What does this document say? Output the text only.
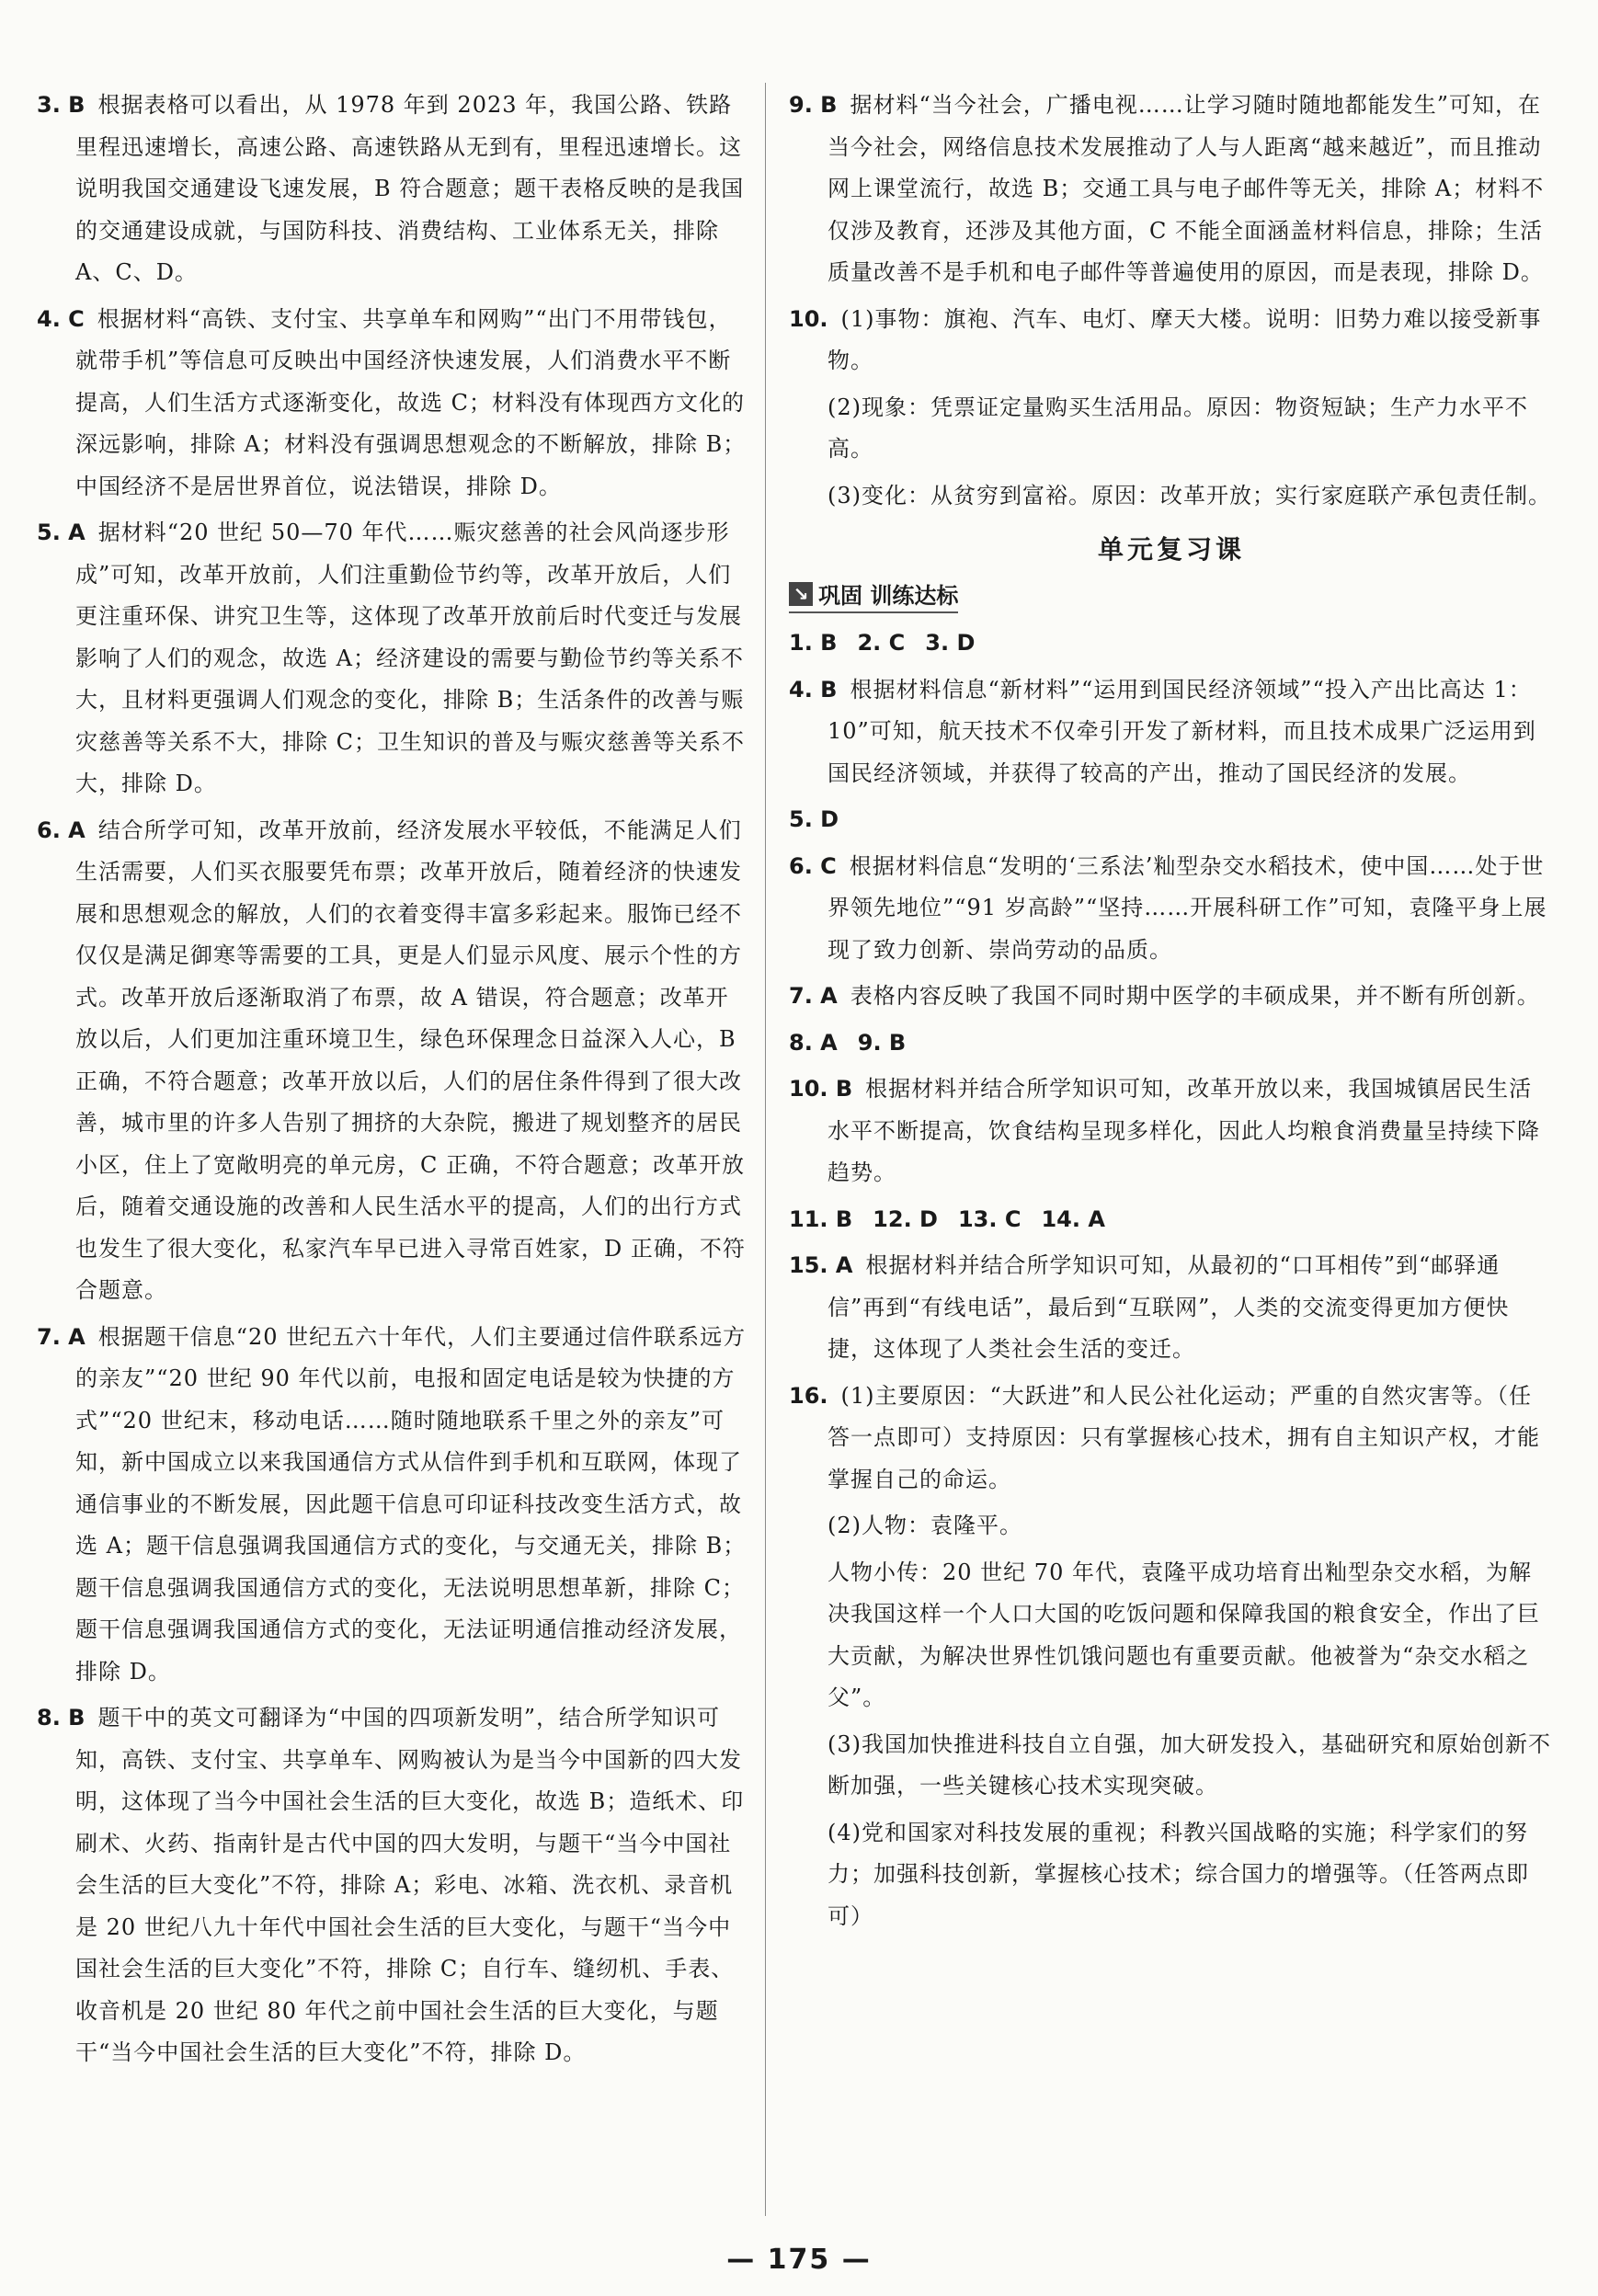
3. B 根据表格可以看出，从 1978 年到 2023 年，我国公路、铁路里程迅速增长，高速公路、高速铁路从无到有，里程迅速增长。这说明我国交通建设飞速发展，B 符合题意；题干表格反映的是我国的交通建设成就，与国防科技、消费结构、工业体系无关，排除 A、C、D。
4. C 根据材料“高铁、支付宝、共享单车和网购”“出门不用带钱包，就带手机”等信息可反映出中国经济快速发展，人们消费水平不断提高，人们生活方式逐渐变化，故选 C；材料没有体现西方文化的深远影响，排除 A；材料没有强调思想观念的不断解放，排除 B；中国经济不是居世界首位，说法错误，排除 D。
5. A 据材料“20 世纪 50—70 年代……赈灾慈善的社会风尚逐步形成”可知，改革开放前，人们注重勤俭节约等，改革开放后，人们更注重环保、讲究卫生等，这体现了改革开放前后时代变迁与发展影响了人们的观念，故选 A；经济建设的需要与勤俭节约等关系不大，且材料更强调人们观念的变化，排除 B；生活条件的改善与赈灾慈善等关系不大，排除 C；卫生知识的普及与赈灾慈善等关系不大，排除 D。
6. A 结合所学可知，改革开放前，经济发展水平较低，不能满足人们生活需要，人们买衣服要凭布票；改革开放后，随着经济的快速发展和思想观念的解放，人们的衣着变得丰富多彩起来。服饰已经不仅仅是满足御寒等需要的工具，更是人们显示风度、展示个性的方式。改革开放后逐渐取消了布票，故 A 错误，符合题意；改革开放以后，人们更加注重环境卫生，绿色环保理念日益深入人心，B 正确，不符合题意；改革开放以后，人们的居住条件得到了很大改善，城市里的许多人告别了拥挤的大杂院，搬进了规划整齐的居民小区，住上了宽敞明亮的单元房，C 正确，不符合题意；改革开放后，随着交通设施的改善和人民生活水平的提高，人们的出行方式也发生了很大变化，私家汽车早已进入寻常百姓家，D 正确，不符合题意。
7. A 根据题干信息“20 世纪五六十年代，人们主要通过信件联系远方的亲友”“20 世纪 90 年代以前，电报和固定电话是较为快捷的方式”“20 世纪末，移动电话……随时随地联系千里之外的亲友”可知，新中国成立以来我国通信方式从信件到手机和互联网，体现了通信事业的不断发展，因此题干信息可印证科技改变生活方式，故选 A；题干信息强调我国通信方式的变化，与交通无关，排除 B；题干信息强调我国通信方式的变化，无法说明思想革新，排除 C；题干信息强调我国通信方式的变化，无法证明通信推动经济发展，排除 D。
8. B 题干中的英文可翻译为“中国的四项新发明”，结合所学知识可知，高铁、支付宝、共享单车、网购被认为是当今中国新的四大发明，这体现了当今中国社会生活的巨大变化，故选 B；造纸术、印刷术、火药、指南针是古代中国的四大发明，与题干“当今中国社会生活的巨大变化”不符，排除 A；彩电、冰箱、洗衣机、录音机是 20 世纪八九十年代中国社会生活的巨大变化，与题干“当今中国社会生活的巨大变化”不符，排除 C；自行车、缝纫机、手表、收音机是 20 世纪 80 年代之前中国社会生活的巨大变化，与题干“当今中国社会生活的巨大变化”不符，排除 D。
9. B 据材料“当今社会，广播电视……让学习随时随地都能发生”可知，在当今社会，网络信息技术发展推动了人与人距离“越来越近”，而且推动网上课堂流行，故选 B；交通工具与电子邮件等无关，排除 A；材料不仅涉及教育，还涉及其他方面，C 不能全面涵盖材料信息，排除；生活质量改善不是手机和电子邮件等普遍使用的原因，而是表现，排除 D。
10. (1)事物：旗袍、汽车、电灯、摩天大楼。说明：旧势力难以接受新事物。
(2)现象：凭票证定量购买生活用品。原因：物资短缺；生产力水平不高。
(3)变化：从贫穷到富裕。原因：改革开放；实行家庭联产承包责任制。
单元复习课
↘ 巩固 训练达标
1. B 2. C 3. D
4. B 根据材料信息“新材料”“运用到国民经济领域”“投入产出比高达 1：10”可知，航天技术不仅牵引开发了新材料，而且技术成果广泛运用到国民经济领域，并获得了较高的产出，推动了国民经济的发展。
5. D
6. C 根据材料信息“发明的‘三系法’籼型杂交水稻技术，使中国……处于世界领先地位”“91 岁高龄”“坚持……开展科研工作”可知，袁隆平身上展现了致力创新、崇尚劳动的品质。
7. A 表格内容反映了我国不同时期中医学的丰硕成果，并不断有所创新。
8. A 9. B
10. B 根据材料并结合所学知识可知，改革开放以来，我国城镇居民生活水平不断提高，饮食结构呈现多样化，因此人均粮食消费量呈持续下降趋势。
11. B 12. D 13. C 14. A
15. A 根据材料并结合所学知识可知，从最初的“口耳相传”到“邮驿通信”再到“有线电话”，最后到“互联网”，人类的交流变得更加方便快捷，这体现了人类社会生活的变迁。
16. (1)主要原因：“大跃进”和人民公社化运动；严重的自然灾害等。（任答一点即可）支持原因：只有掌握核心技术，拥有自主知识产权，才能掌握自己的命运。
(2)人物：袁隆平。
人物小传：20 世纪 70 年代，袁隆平成功培育出籼型杂交水稻，为解决我国这样一个人口大国的吃饭问题和保障我国的粮食安全，作出了巨大贡献，为解决世界性饥饿问题也有重要贡献。他被誉为“杂交水稻之父”。
(3)我国加快推进科技自立自强，加大研发投入，基础研究和原始创新不断加强，一些关键核心技术实现突破。
(4)党和国家对科技发展的重视；科教兴国战略的实施；科学家们的努力；加强科技创新，掌握核心技术；综合国力的增强等。（任答两点即可）
— 175 —
